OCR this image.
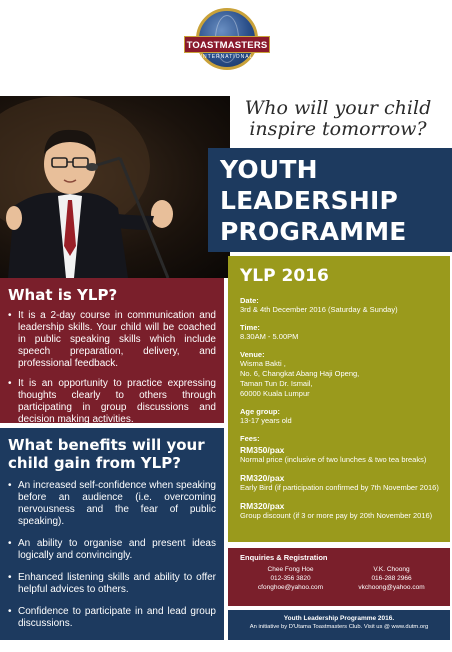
TOASTMASTERS
INTERNATIONAL
Who will your child inspire tomorrow?
YOUTH
LEADERSHIP
PROGRAMME
What is YLP?
• It is a 2-day course in communication and leadership skills. Your child will be coached in public speaking skills which include speech preparation, delivery, and professional feedback.
• It is an opportunity to practice expressing thoughts clearly to others through participating in group discussions and decision making activities.
What benefits will your child gain from YLP?
• An increased self-confidence when speaking before an audience (i.e. overcoming nervousness and the fear of public speaking).
• An ability to organise and present ideas logically and convincingly.
• Enhanced listening skills and ability to offer helpful advices to others.
• Confidence to participate in and lead group discussions.
• A step to become a future leader.
YLP 2016
Date:
3rd & 4th December 2016 (Saturday & Sunday)
Time:
8.30AM - 5.00PM
Venue:
Wisma Bakti ,
No. 6, Changkat Abang Haji Openg,
Taman Tun Dr. Ismail,
60000 Kuala Lumpur
Age group:
13-17 years old
Fees:
RM350/pax
Normal price (inclusive of two lunches & two tea breaks)
RM320/pax
Early Bird (if participation confirmed by 7th November 2016)
RM320/pax
Group discount (if 3 or more pay by 20th November 2016)
Enquiries & Registration
Chee Fong Hoe
012-356 3820
cfonghoe@yahoo.com
V.K. Choong
016-288 2966
vkchoong@yahoo.com
Youth Leadership Programme 2016.
An initiative by D'Utama Toastmasters Club. Visit us @ www.dutm.org
